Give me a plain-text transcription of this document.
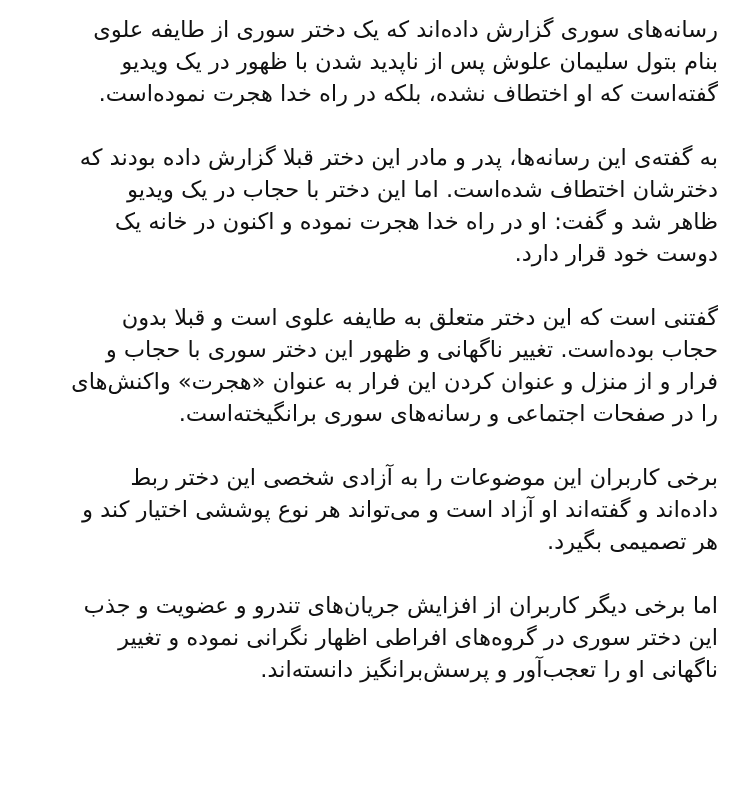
رسانه‌های سوری گزارش داده‌اند که یک دختر سوری از طایفه علوی
بنام بتول سلیمان علوش پس از ناپدید شدن با ظهور در یک ویدیو
گفته‌است که او اختطاف نشده، بلکه در راه خدا هجرت نموده‌است.
به گفته‌ی این رسانه‌ها، پدر و مادر این دختر قبلا گزارش داده بودند که
دخترشان اختطاف شده‌است. اما این دختر با حجاب در یک ویدیو
ظاهر شد و گفت: او در راه خدا هجرت نموده و اکنون در خانه یک
دوست خود قرار دارد.
گفتنی است که این دختر متعلق به طایفه علوی است و قبلا بدون
حجاب بوده‌است. تغییر ناگهانی و ظهور این دختر سوری با حجاب و
فرار و از منزل و عنوان کردن این فرار به عنوان «هجرت» واکنش‌های
را در صفحات اجتماعی و رسانه‌های سوری برانگیخته‌است.
برخی کاربران این موضوعات را به آزادی شخصی این دختر ربط
داده‌اند و گفته‌اند او آزاد است و می‌تواند هر نوع پوششی اختیار کند و
هر تصمیمی بگیرد.
اما برخی دیگر کاربران از افزایش جریان‌های تندرو و عضویت و جذب
این دختر سوری در گروه‌های افراطی اظهار نگرانی نموده و تغییر
ناگهانی او را تعجب‌آور و پرسش‌برانگیز دانسته‌اند.
